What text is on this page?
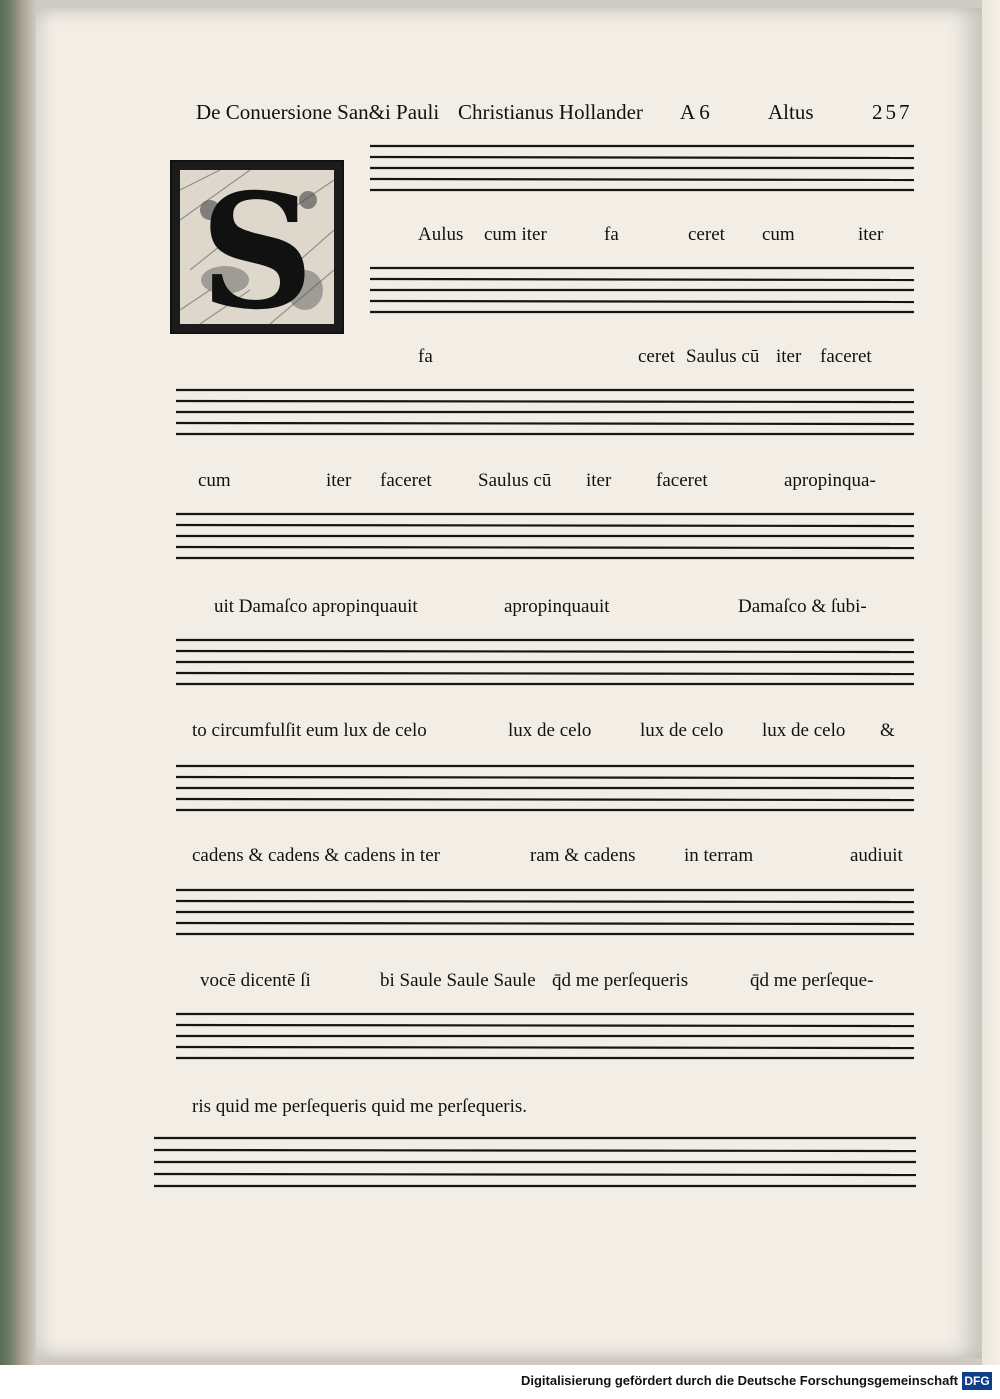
De Conuersione San&i Pauli Christianus Hollander A 6	Altus	257
S	Aulus cum iter	fa	ceret cum	iter
fa	ceret Saulus cū iter faceret
cum	iter faceret Saulus cū iter faceret	apropinqua-
uit Damaſco apropinquauit	apropinquauit	Damaſco & ſubi-
to circumfulſit eum lux de celo	lux de celo	lux de celo lux de celo &
cadens & cadens & cadens in ter	ram & cadens	in terram	audiuit
vocē dicentē ſi	bi Saule Saule Saule q̄d me perſequeris	q̄d me perſeque-
ris quid me perſequeris quid me perſequeris.
Digitalisierung gefördert durch die Deutsche Forschungsgemeinschaft DFG
